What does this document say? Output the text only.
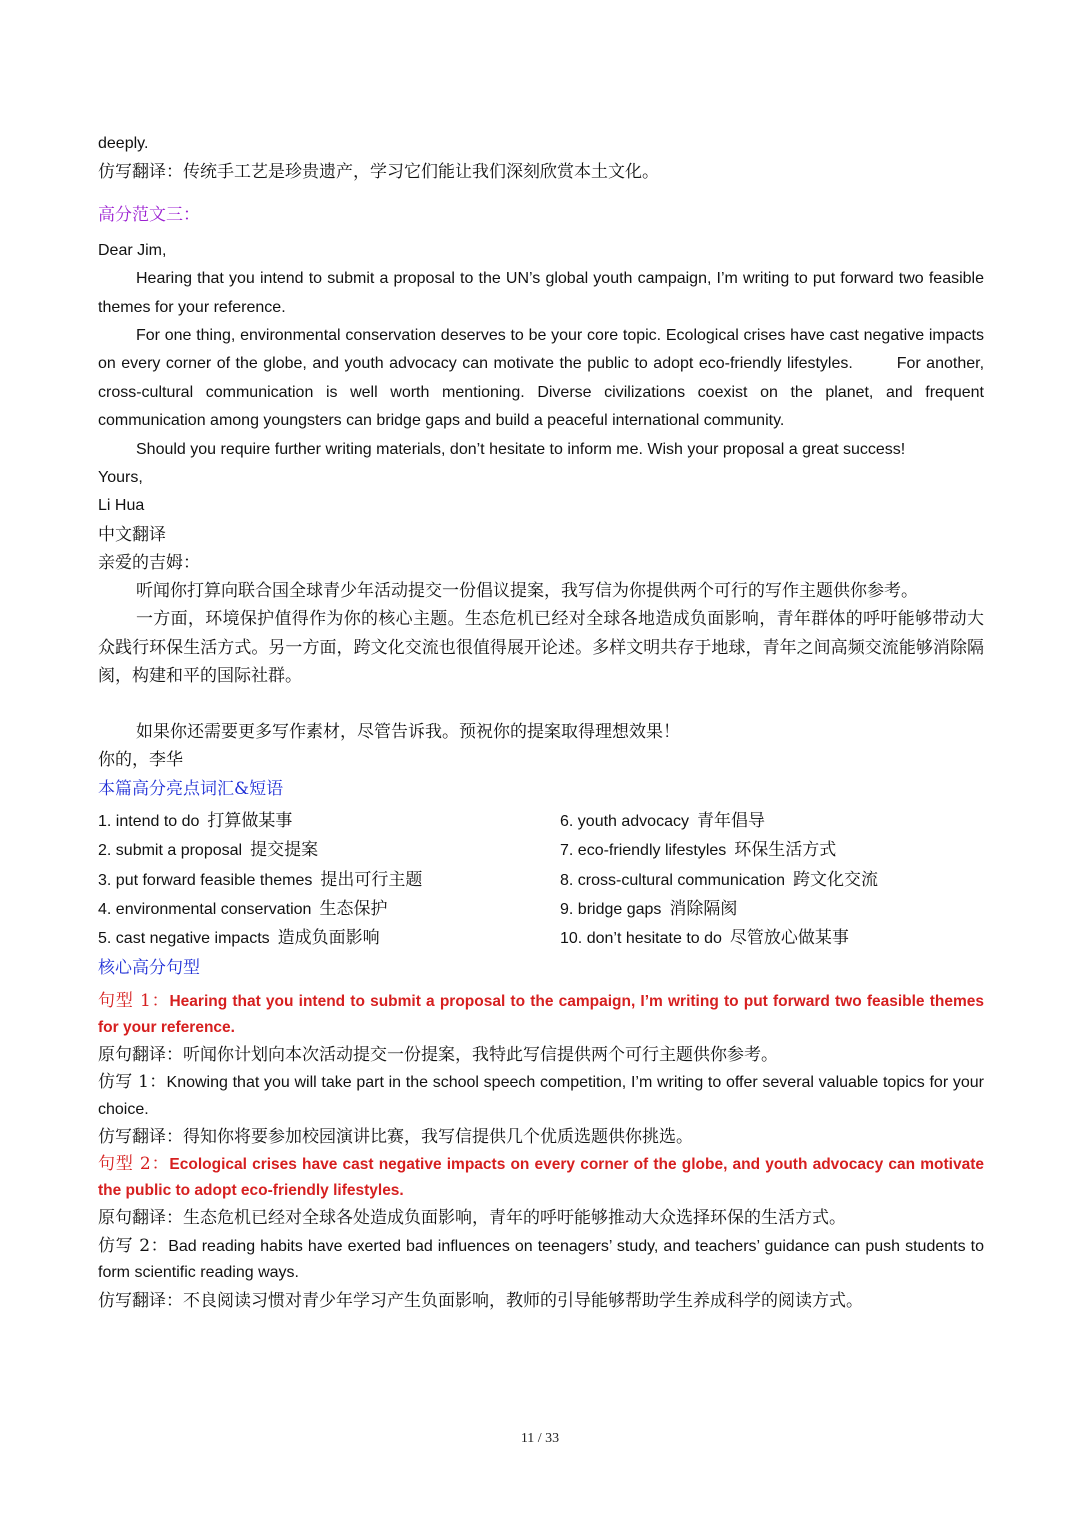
deeply.

仿写翻译：传统手工艺是珍贵遗产，学习它们能让我们深刻欣赏本土文化。

高分范文三：

Dear Jim,

Hearing that you intend to submit a proposal to the UN’s global youth campaign, I’m writing to put forward two feasible themes for your reference.

For one thing, environmental conservation deserves to be your core topic. Ecological crises have cast negative impacts on every corner of the globe, and youth advocacy can motivate the public to adopt eco-friendly lifestyles.	For another, cross-cultural communication is well worth mentioning. Diverse civilizations coexist on the planet, and frequent communication among youngsters can bridge gaps and build a peaceful international community.

Should you require further writing materials, don’t hesitate to inform me. Wish your proposal a great success!

Yours,

Li Hua

中文翻译

亲爱的吉姆：

听闻你打算向联合国全球青少年活动提交一份倡议提案，我写信为你提供两个可行的写作主题供你参考。

一方面，环境保护值得作为你的核心主题。生态危机已经对全球各地造成负面影响，青年群体的呼吁能够带动大众践行环保生活方式。另一方面，跨文化交流也很值得展开论述。多样文明共存于地球，青年之间高频交流能够消除隔阂，构建和平的国际社群。

如果你还需要更多写作素材，尽管告诉我。预祝你的提案取得理想效果！

你的，李华

本篇高分亮点词汇&短语

1. intend to do 打算做某事	6. youth advocacy 青年倡导
2. submit a proposal 提交提案	7. eco-friendly lifestyles 环保生活方式
3. put forward feasible themes 提出可行主题	8. cross-cultural communication 跨文化交流
4. environmental conservation 生态保护	9. bridge gaps 消除隔阂
5. cast negative impacts 造成负面影响	10. don’t hesitate to do 尽管放心做某事

核心高分句型

句型 1：Hearing that you intend to submit a proposal to the campaign, I’m writing to put forward two feasible themes for your reference.

原句翻译：听闻你计划向本次活动提交一份提案，我特此写信提供两个可行主题供你参考。

仿写 1：Knowing that you will take part in the school speech competition, I’m writing to offer several valuable topics for your choice.

仿写翻译：得知你将要参加校园演讲比赛，我写信提供几个优质选题供你挑选。

句型 2：Ecological crises have cast negative impacts on every corner of the globe, and youth advocacy can motivate the public to adopt eco-friendly lifestyles.

原句翻译：生态危机已经对全球各处造成负面影响，青年的呼吁能够推动大众选择环保的生活方式。

仿写 2：Bad reading habits have exerted bad influences on teenagers’ study, and teachers’ guidance can push students to form scientific reading ways.

仿写翻译：不良阅读习惯对青少年学习产生负面影响，教师的引导能够帮助学生养成科学的阅读方式。

11 / 33
